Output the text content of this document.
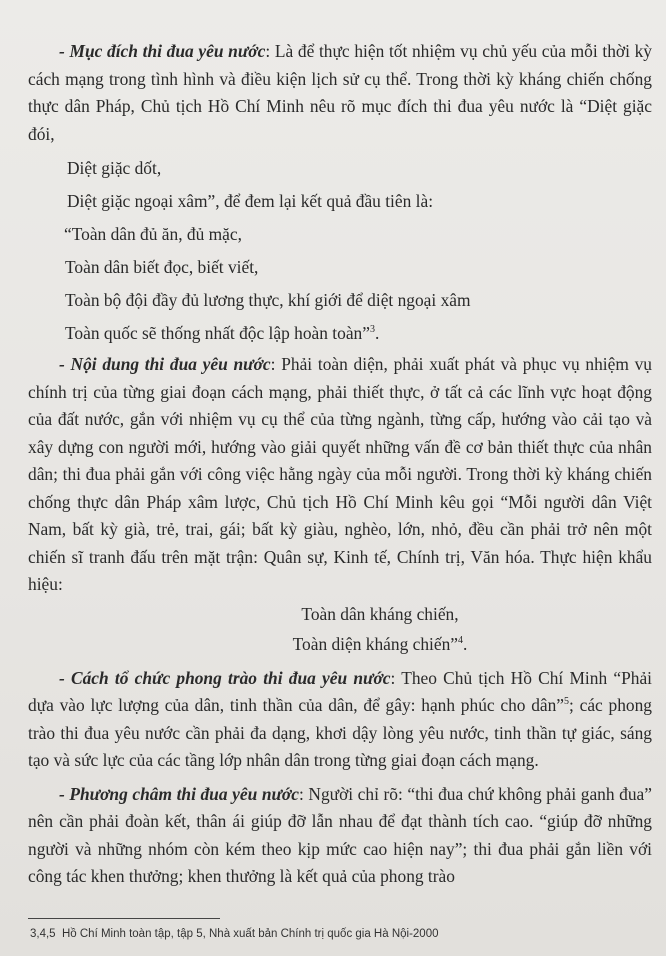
- Mục đích thi đua yêu nước: Là để thực hiện tốt nhiệm vụ chủ yếu của mỗi thời kỳ cách mạng trong tình hình và điều kiện lịch sử cụ thể. Trong thời kỳ kháng chiến chống thực dân Pháp, Chủ tịch Hồ Chí Minh nêu rõ mục đích thi đua yêu nước là “Diệt giặc đói,

Diệt giặc dốt,

Diệt giặc ngoại xâm”, để đem lại kết quả đầu tiên là:

“Toàn dân đủ ăn, đủ mặc,

Toàn dân biết đọc, biết viết,

Toàn bộ đội đầy đủ lương thực, khí giới để diệt ngoại xâm

Toàn quốc sẽ thống nhất độc lập hoàn toàn”$^3$.

- Nội dung thi đua yêu nước: Phải toàn diện, phải xuất phát và phục vụ nhiệm vụ chính trị của từng giai đoạn cách mạng, phải thiết thực, ở tất cả các lĩnh vực hoạt động của đất nước, gắn với nhiệm vụ cụ thể của từng ngành, từng cấp, hướng vào cải tạo và xây dựng con người mới, hướng vào giải quyết những vấn đề cơ bản thiết thực của nhân dân; thi đua phải gắn với công việc hằng ngày của mỗi người. Trong thời kỳ kháng chiến chống thực dân Pháp xâm lược, Chủ tịch Hồ Chí Minh kêu gọi “Mỗi người dân Việt Nam, bất kỳ già, trẻ, trai, gái; bất kỳ giàu, nghèo, lớn, nhỏ, đều cần phải trở nên một chiến sĩ tranh đấu trên mặt trận: Quân sự, Kinh tế, Chính trị, Văn hóa. Thực hiện khẩu hiệu:

Toàn dân kháng chiến,

Toàn diện kháng chiến”$^4$.

- Cách tổ chức phong trào thi đua yêu nước: Theo Chủ tịch Hồ Chí Minh “Phải dựa vào lực lượng của dân, tinh thần của dân, để gây: hạnh phúc cho dân”$^5$; các phong trào thi đua yêu nước cần phải đa dạng, khơi dậy lòng yêu nước, tinh thần tự giác, sáng tạo và sức lực của các tầng lớp nhân dân trong từng giai đoạn cách mạng.

- Phương châm thi đua yêu nước: Người chỉ rõ: “thi đua chứ không phải ganh đua” nên cần phải đoàn kết, thân ái giúp đỡ lẫn nhau để đạt thành tích cao. “giúp đỡ những người và những nhóm còn kém theo kịp mức cao hiện nay”; thi đua phải gắn liền với công tác khen thưởng; khen thưởng là kết quả của phong trào

3,4,5 Hồ Chí Minh toàn tập, tập 5, Nhà xuất bản Chính trị quốc gia Hà Nội-2000
